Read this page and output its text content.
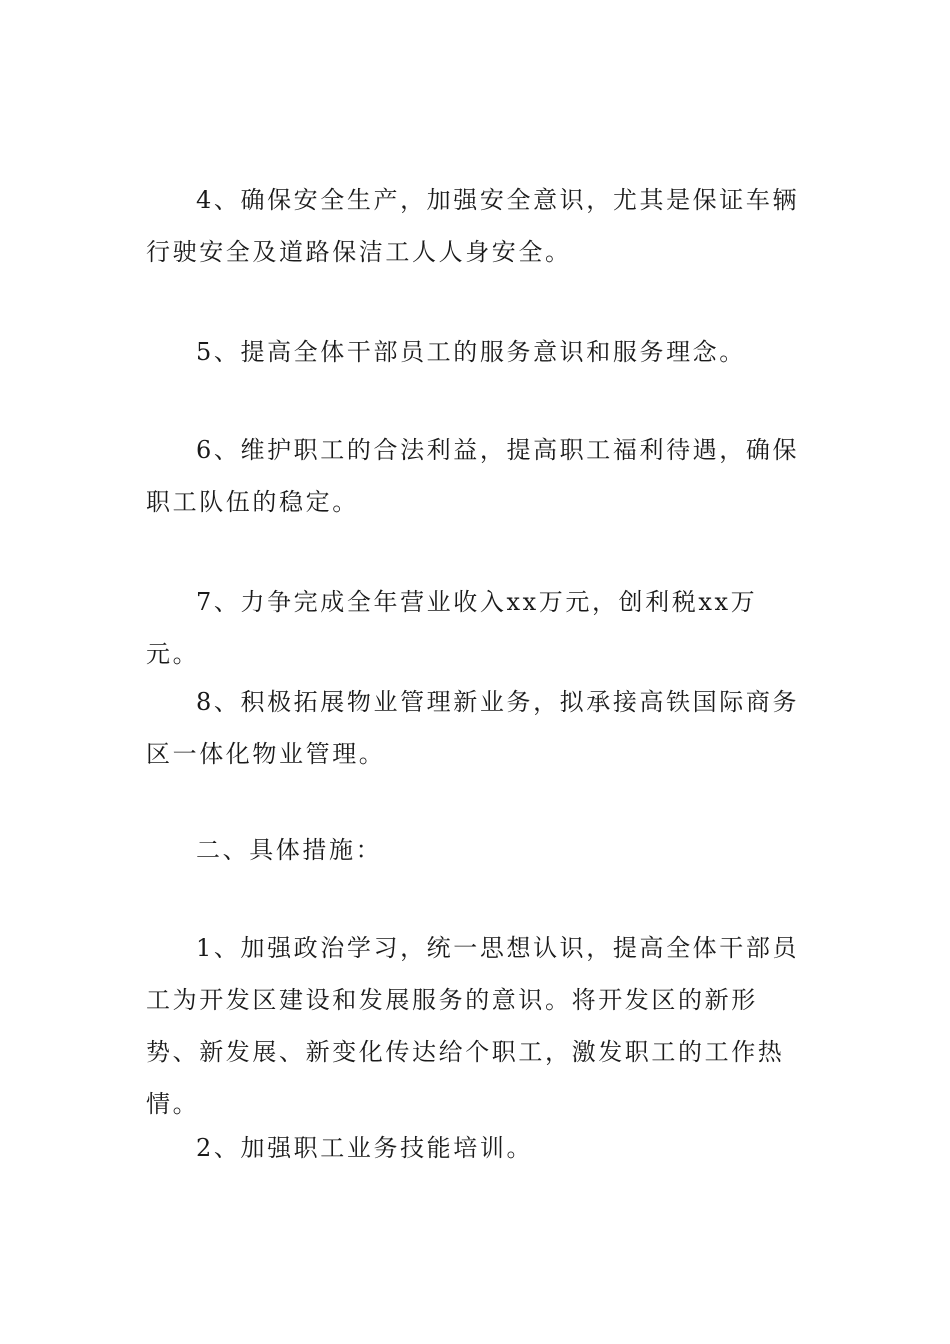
4、确保安全生产，加强安全意识，尤其是保证车辆行驶安全及道路保洁工人人身安全。

5、提高全体干部员工的服务意识和服务理念。

6、维护职工的合法利益，提高职工福利待遇，确保职工队伍的稳定。

7、力争完成全年营业收入xx万元，创利税xx万元。

8、积极拓展物业管理新业务，拟承接高铁国际商务区一体化物业管理。

二、具体措施：

1、加强政治学习，统一思想认识，提高全体干部员工为开发区建设和发展服务的意识。将开发区的新形势、新发展、新变化传达给个职工，激发职工的工作热情。

2、加强职工业务技能培训。
